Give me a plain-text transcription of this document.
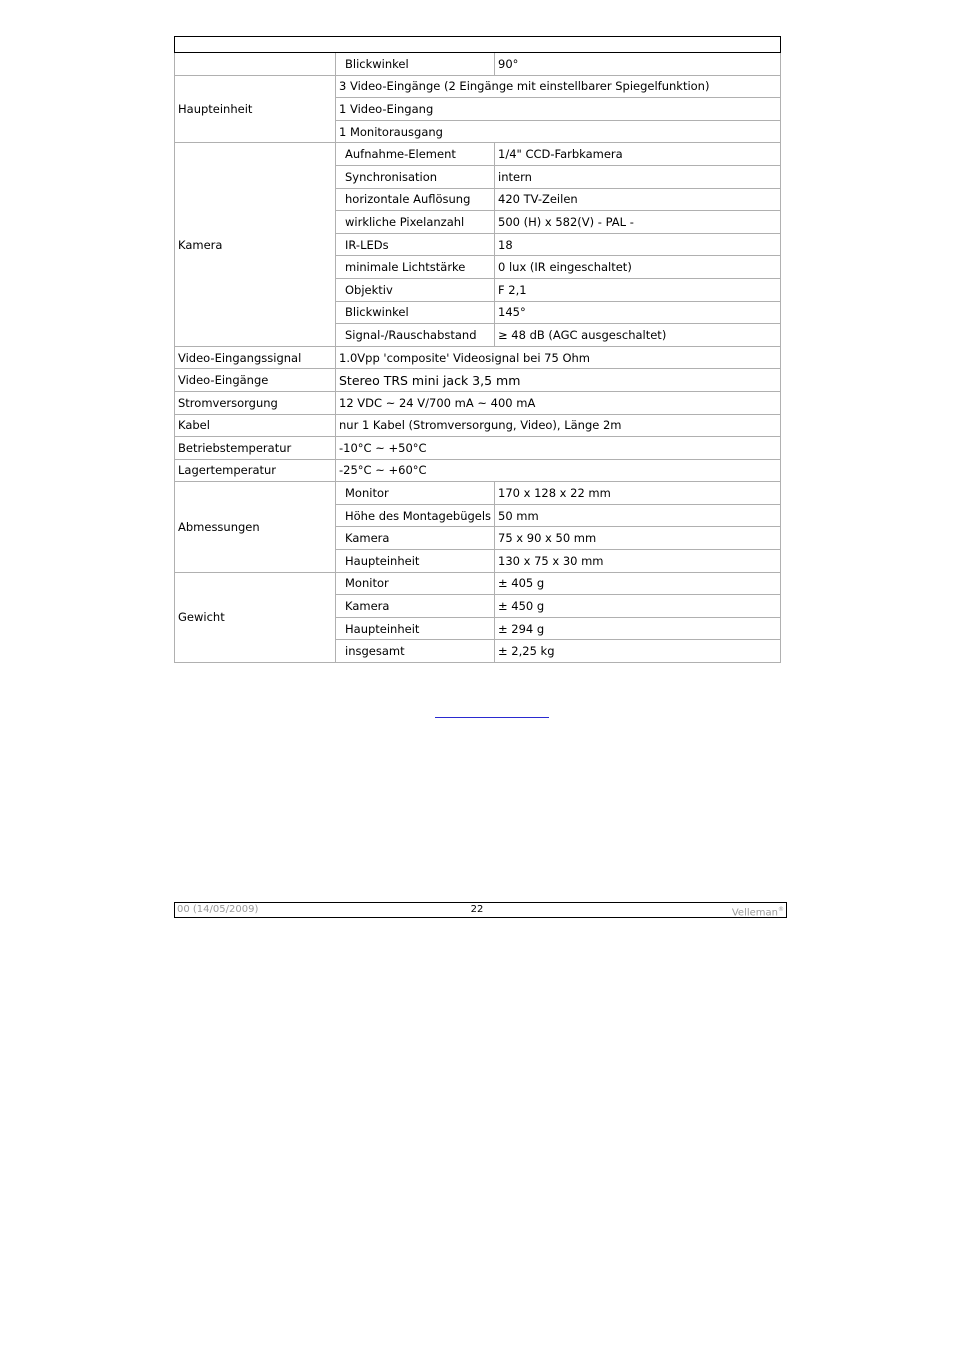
	Blickwinkel	90°
Haupteinheit	3 Video-Eingänge (2 Eingänge mit einstellbarer Spiegelfunktion)	
	1 Video-Eingang	
	1 Monitorausgang	
Kamera	Aufnahme-Element	1/4" CCD-Farbkamera
	Synchronisation	intern
	horizontale Auflösung	420 TV-Zeilen
	wirkliche Pixelanzahl	500 (H) x 582(V) - PAL -
	IR-LEDs	18
	minimale Lichtstärke	0 lux (IR eingeschaltet)
	Objektiv	F 2,1
	Blickwinkel	145°
	Signal-/Rauschabstand	≥ 48 dB (AGC ausgeschaltet)
Video-Eingangssignal	1.0Vpp 'composite' Videosignal bei 75 Ohm	
Video-Eingänge	Stereo TRS mini jack 3,5 mm	
Stromversorgung	12 VDC ~ 24 V/700 mA ~ 400 mA	
Kabel	nur 1 Kabel (Stromversorgung, Video), Länge 2m	
Betriebstemperatur	-10°C ~ +50°C	
Lagertemperatur	-25°C ~ +60°C	
Abmessungen	Monitor	170 x 128 x 22 mm
	Höhe des Montagebügels	50 mm
	Kamera	75 x 90 x 50 mm
	Haupteinheit	130 x 75 x 30 mm
Gewicht	Monitor	± 405 g
	Kamera	± 450 g
	Haupteinheit	± 294 g
	insgesamt	± 2,25 kg
00 (14/05/2009)	22	Velleman®
